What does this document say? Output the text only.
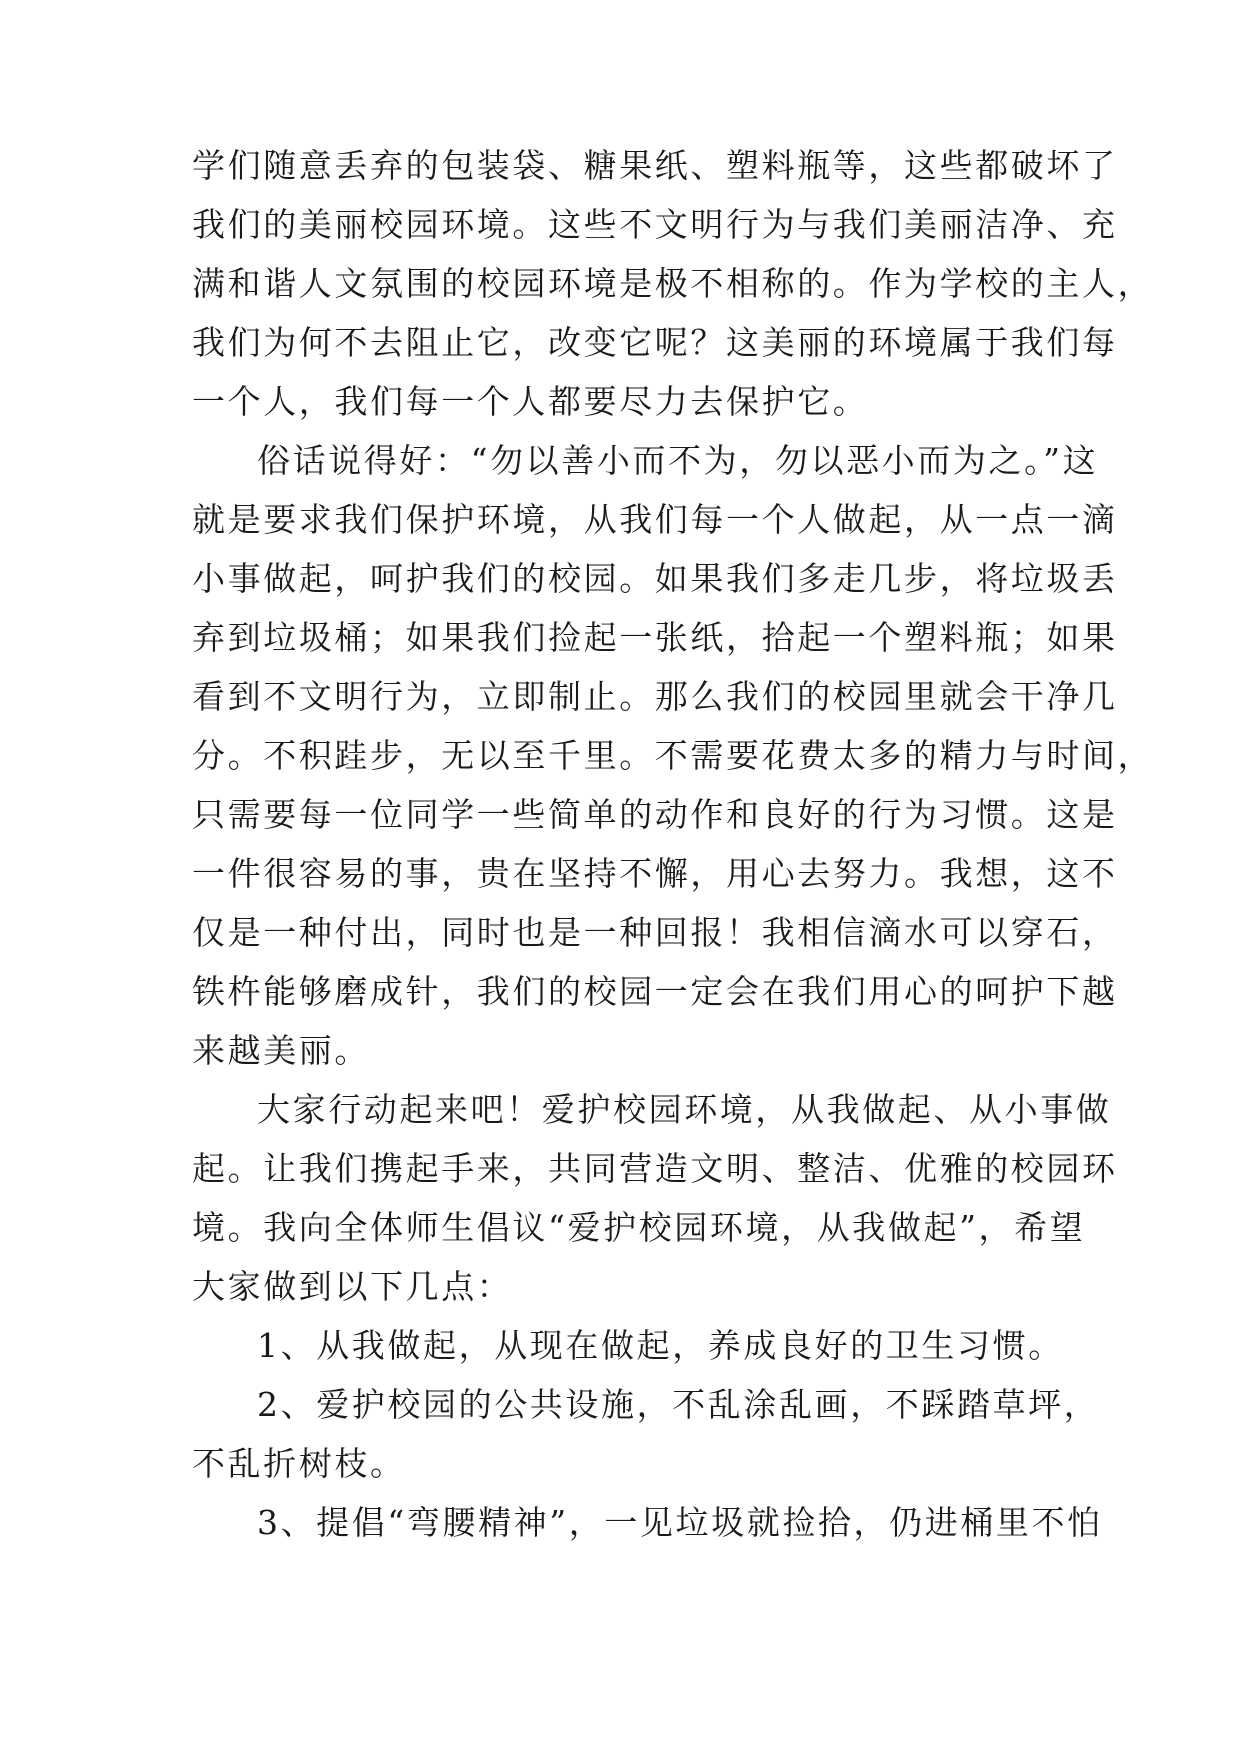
学们随意丢弃的包装袋、糖果纸、塑料瓶等，这些都破坏了
我们的美丽校园环境。这些不文明行为与我们美丽洁净、充
满和谐人文氛围的校园环境是极不相称的。作为学校的主人，
我们为何不去阻止它，改变它呢？这美丽的环境属于我们每
一个人，我们每一个人都要尽力去保护它。
俗话说得好：“勿以善小而不为，勿以恶小而为之。”这
就是要求我们保护环境，从我们每一个人做起，从一点一滴
小事做起，呵护我们的校园。如果我们多走几步，将垃圾丢
弃到垃圾桶；如果我们捡起一张纸，拾起一个塑料瓶；如果
看到不文明行为，立即制止。那么我们的校园里就会干净几
分。不积跬步，无以至千里。不需要花费太多的精力与时间，
只需要每一位同学一些简单的动作和良好的行为习惯。这是
一件很容易的事，贵在坚持不懈，用心去努力。我想，这不
仅是一种付出，同时也是一种回报！我相信滴水可以穿石，
铁杵能够磨成针，我们的校园一定会在我们用心的呵护下越
来越美丽。
大家行动起来吧！爱护校园环境，从我做起、从小事做
起。让我们携起手来，共同营造文明、整洁、优雅的校园环
境。我向全体师生倡议“爱护校园环境，从我做起”，希望
大家做到以下几点：
1、从我做起，从现在做起，养成良好的卫生习惯。
2、爱护校园的公共设施，不乱涂乱画，不踩踏草坪，
不乱折树枝。
3、提倡“弯腰精神”，一见垃圾就捡拾，仍进桶里不怕
